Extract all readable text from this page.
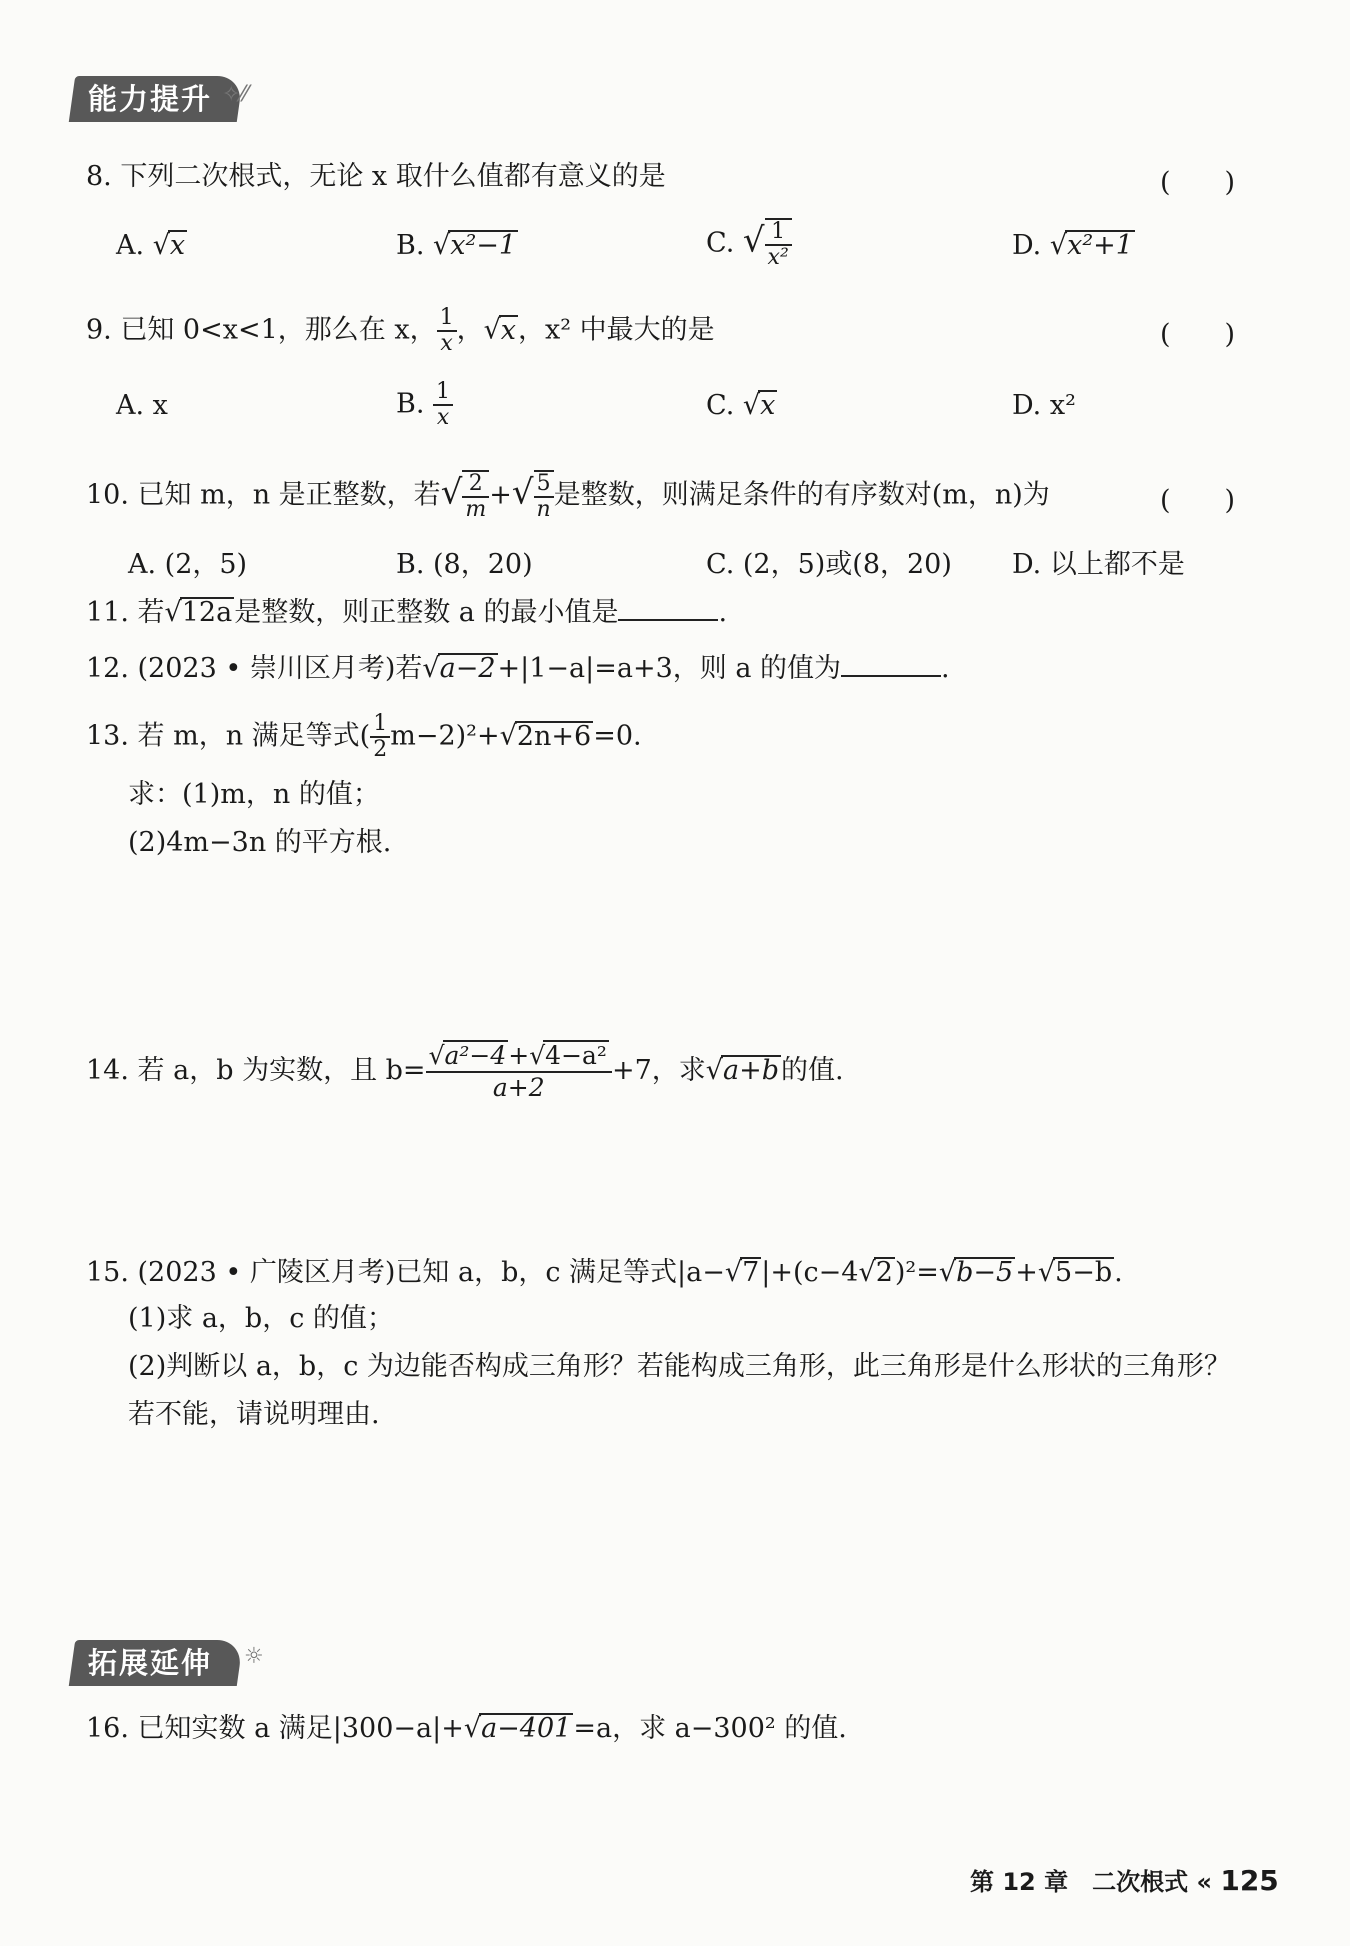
能力提升 ✧⁄⁄
8. 下列二次根式，无论 x 取什么值都有意义的是	(　　)
A. √x	B. √x²−1	C. √ $\frac{1}{\text{x²}}$	D. √x²+1
9. 已知 0<x<1，那么在 x， $\frac{1}{x}$ ，√x，x² 中最大的是	(　　)
A. x	B. $\frac{1}{x}$	C. √x	D. x²
10. 已知 m，n 是正整数，若√ $\frac{2}{m}$ +√ $\frac{5}{n}$ 是整数，则满足条件的有序数对(m，n)为	(　　)
A. (2，5)	B. (8，20)	C. (2，5)或(8，20) D. 以上都不是
11. 若√12a是整数，则正整数 a 的最小值是	.
12. (2023 • 崇川区月考)若√a−2+|1−a|=a+3，则 a 的值为	.
13. 若 m，n 满足等式( $\frac{1}{2} m-2)^2+√2n+6=0$.
求：(1)m，n 的值；
(2)4m−3n 的平方根.
14. 若 a，b 为实数，且 $b= \frac{\text{√a²−4+√4−a²}}{a+2} +7$，求√a+b的值.
15. (2023 • 广陵区月考)已知 a，b，c 满足等式|a−√7|+(c−4√2)²=√b−5+√5−b.
(1)求 a，b，c 的值；
(2)判断以 a，b，c 为边能否构成三角形？若能构成三角形，此三角形是什么形状的三角形？
若不能，请说明理由.
拓展延伸	☼
16. 已知实数 a 满足|300−a|+√a−401=a，求 a−300² 的值.
第 12 章　二次根式 « 125
